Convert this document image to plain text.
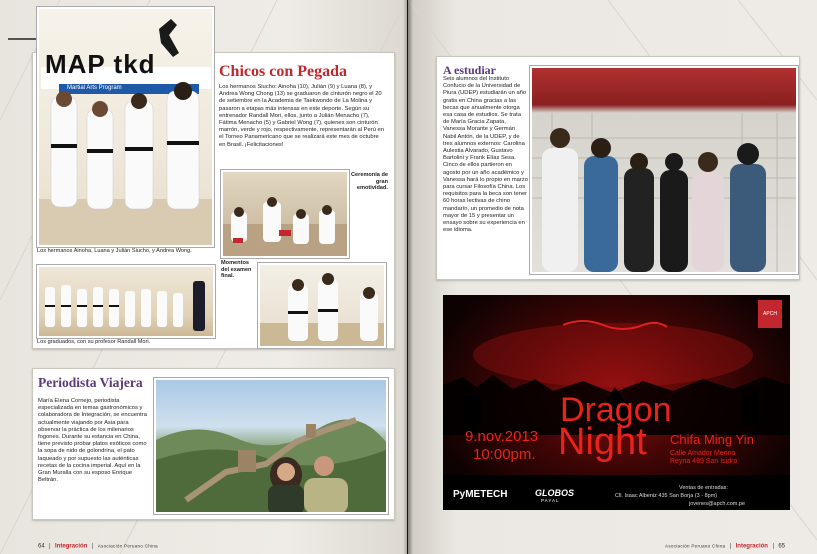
MAP tkd
Martial Arts Program
Los hermanos Ainoha, Luana y Julián Siucho, y Andrea Wong.
Chicos con Pegada
Los hermanos Siucho: Ainoha (10), Julián (9) y Luana (8), y Andrea Wong Chong (13) se graduaron de cinturón negro el 20 de setiembre en la Academia de Taekwondo de La Molina y pasaron a etapas más intensas en este deporte. Según su entrenador Randall Mori, ellos, junto a Julián Menacho (7), Fátima Menacho (5) y Gabriel Wong (7), quienes son cinturón marrón, verde y rojo, respectivamente, representarán al Perú en el Torneo Panamericano que se realizará este mes de octubre en Brasil. ¡Felicitaciones!
Ceremonia de gran emotividad.
Los graduados, con su profesor Randall Mori.
Momentos del examen final.
Periodista Viajera
María Elena Cornejo, periodista especializada en temas gastronómicos y colaboradora de Integración, se encuentra actualmente viajando por Asia para observar la práctica de los milenarios fogones. Durante su estancia en China, tiene previsto probar platos exóticos como la sopa de nido de golondrina, el pato laqueado y por supuesto las auténticas recetas de la cocina imperial. Aquí en la Gran Muralla con su esposo Enrique Beltrán.
64 Integración Asociación Peruano China
A estudiar
Seis alumnos del Instituto Confucio de la Universidad de Piura (UDEP) estudiarán un año gratis en China gracias a las becas que anualmente otorga esa casa de estudios. Se trata de María Gracia Zapata, Vanessa Morante y Germán Nabil Antón, de la UDEP, y de tres alumnos externos: Carolina Aulestia Alvarado, Gustavo Bartolini y Frank Elías Sesa. Cinco de ellos partieron en agosto por un año académico y Vanessa hará lo propio en marzo para cursar Filosofía China. Los requisitos para la beca son tener 60 horas lectivas de chino mandarín, un promedio de nota mayor de 15 y presentar un ensayo sobre su experiencia en ese idioma.
APCH
Dragon
Night
9.nov.2013
10:00pm.
Chifa Ming Yin
Calle Amador Merino
Reyna 489 San Isidro
PyMETECH	GLOBOS
PAYAL
Ventas de entradas:
Cll. Isaac Albeniz 435 San Borja (3 - 8pm)
jovenes@apch.com.pe
Asociación Peruano China Integración 65
